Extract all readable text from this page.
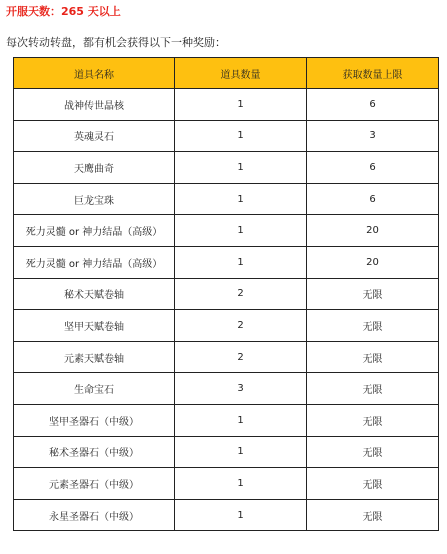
开服天数：265 天以上
每次转动转盘，都有机会获得以下一种奖励：
道具名称	道具数量	获取数量上限
战神传世晶核	1	6
英魂灵石	1	3
天鹰曲奇	1	6
巨龙宝珠	1	6
死力灵髓 or 神力结晶（高级）	1	20
死力灵髓 or 神力结晶（高级）	1	20
秘术天赋卷轴	2	无限
坚甲天赋卷轴	2	无限
元素天赋卷轴	2	无限
生命宝石	3	无限
坚甲圣器石（中级）	1	无限
秘术圣器石（中级）	1	无限
元素圣器石（中级）	1	无限
永星圣器石（中级）	1	无限
